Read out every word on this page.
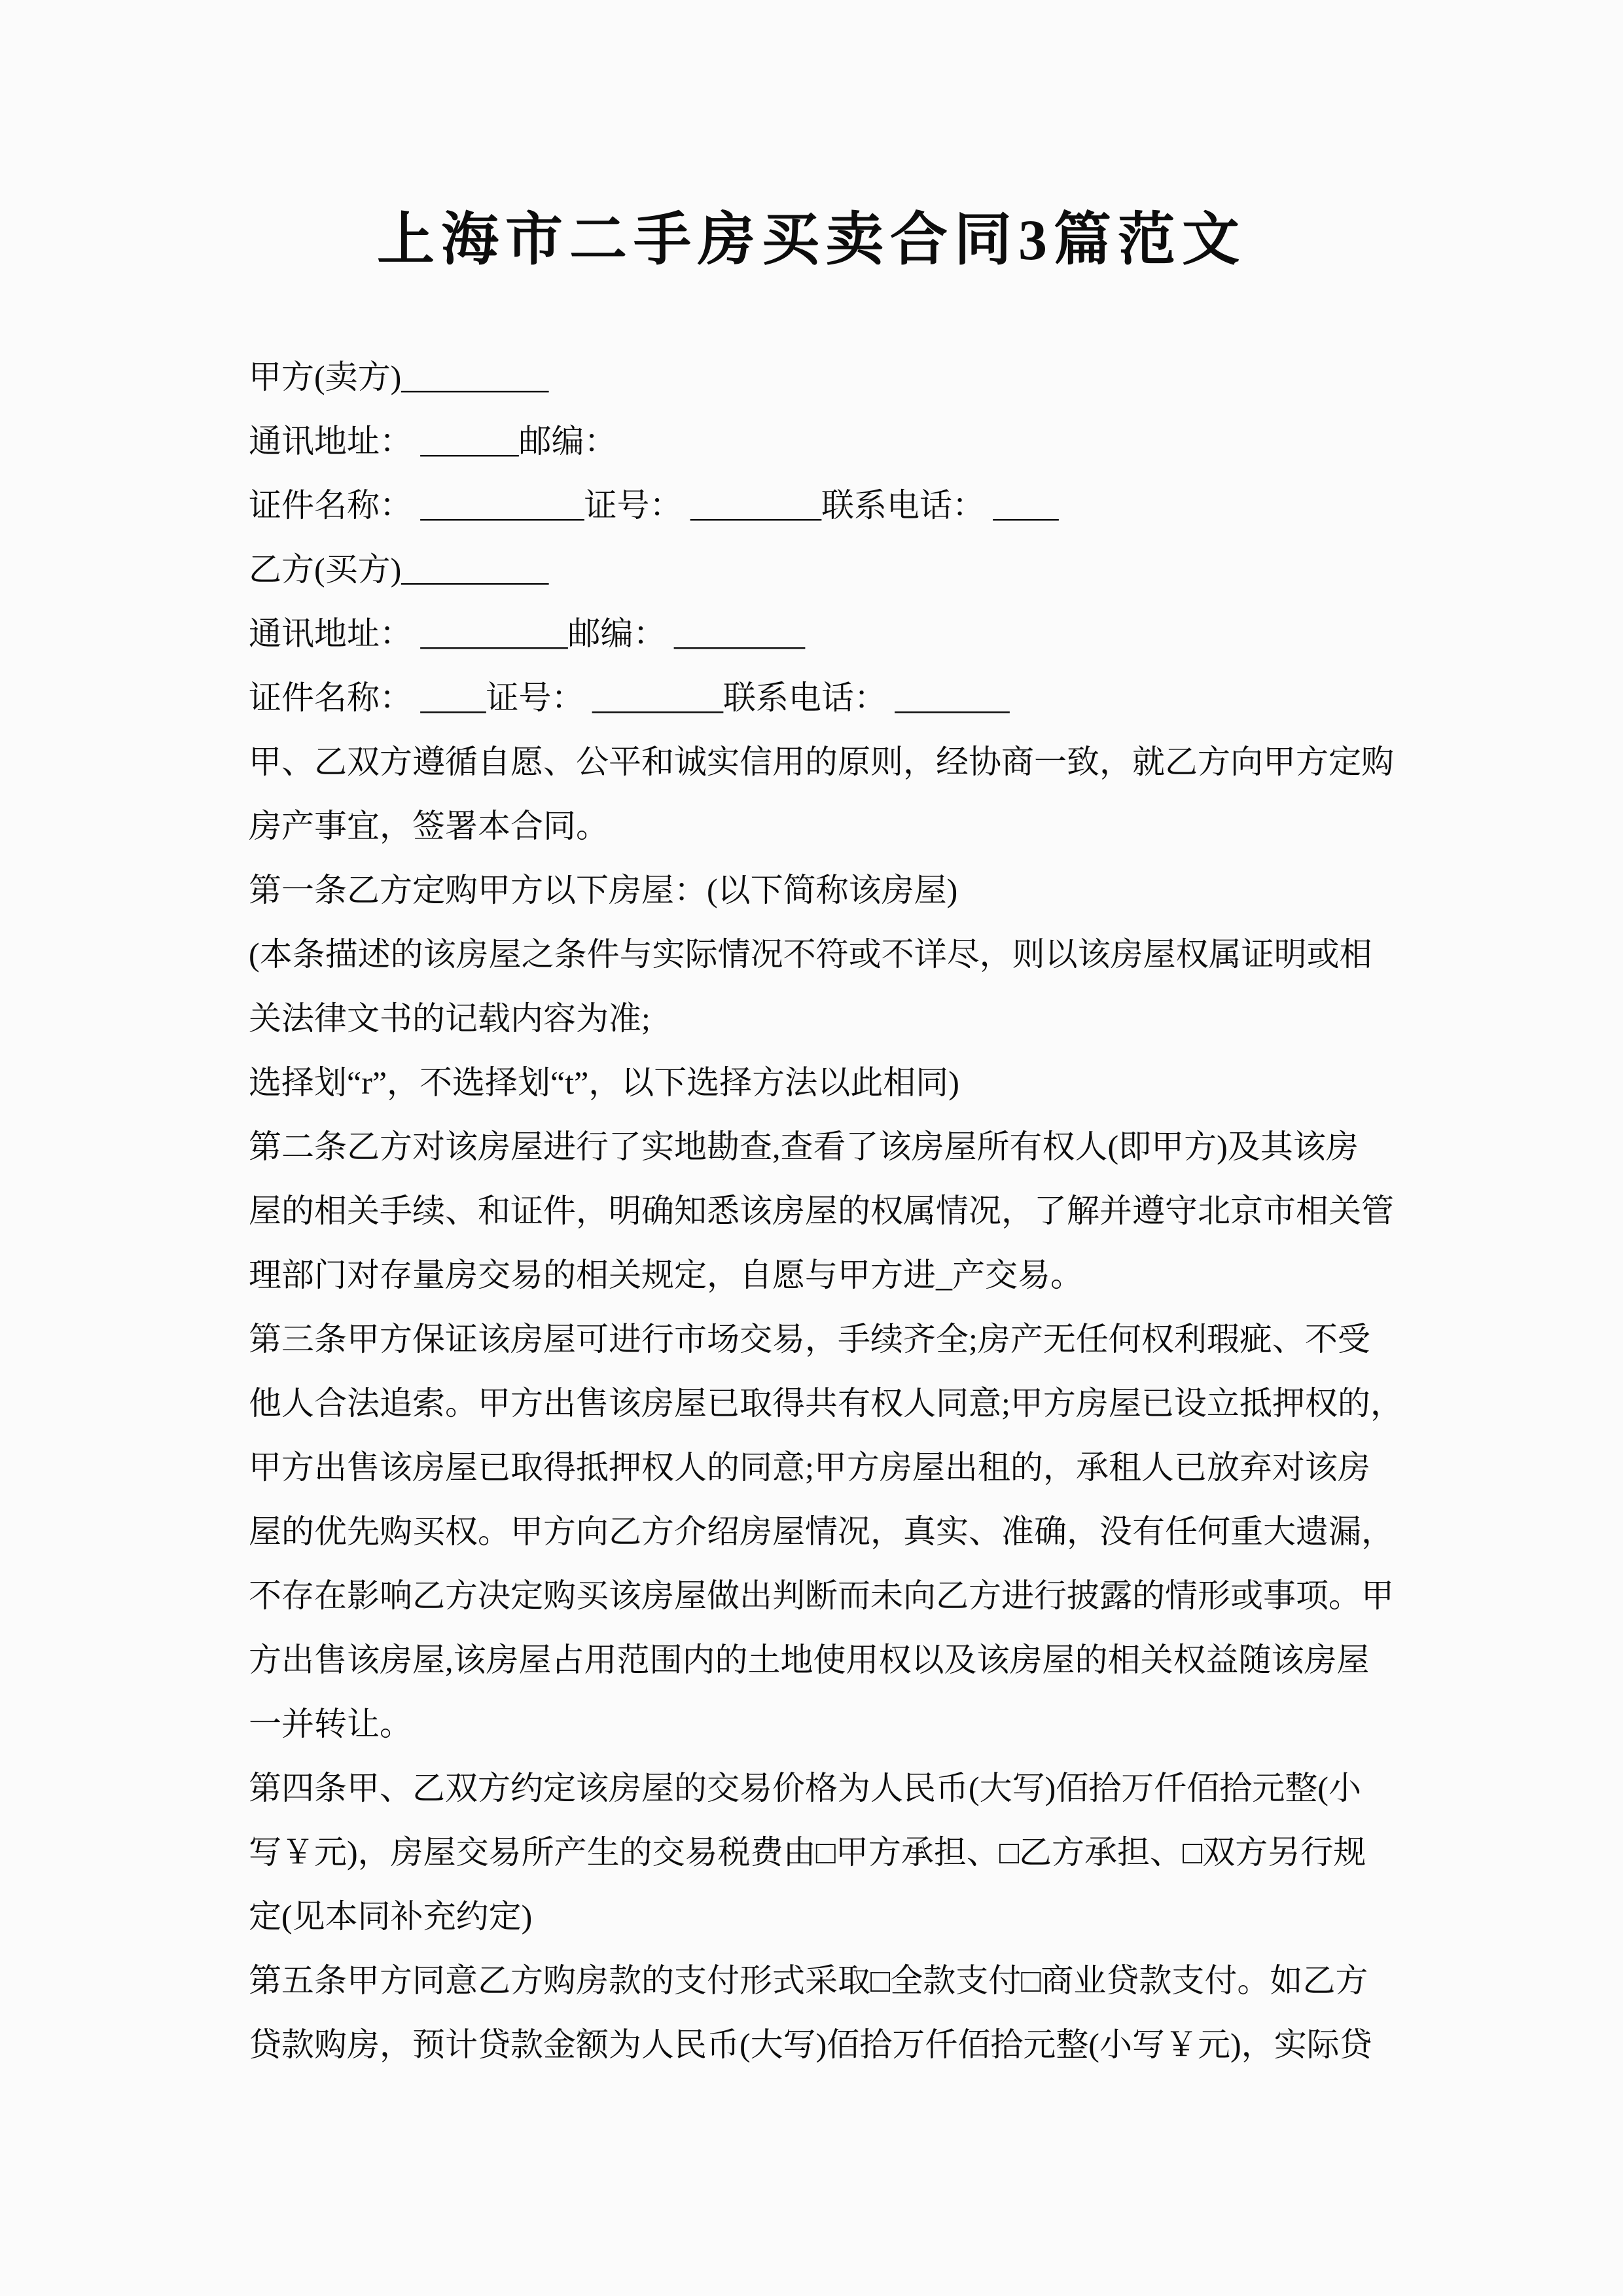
上海市二手房买卖合同3篇范文
甲方(卖方)_________
通讯地址： ______邮编：
证件名称： __________证号： ________联系电话： ____
乙方(买方)_________
通讯地址： _________邮编： ________
证件名称： ____证号： ________联系电话： _______
甲、乙双方遵循自愿、公平和诚实信用的原则，经协商一致，就乙方向甲方定购
房产事宜，签署本合同。
第一条乙方定购甲方以下房屋：(以下简称该房屋)
(本条描述的该房屋之条件与实际情况不符或不详尽，则以该房屋权属证明或相
关法律文书的记载内容为准;
选择划“r”，不选择划“t”，以下选择方法以此相同)
第二条乙方对该房屋进行了实地勘查,查看了该房屋所有权人(即甲方)及其该房
屋的相关手续、和证件，明确知悉该房屋的权属情况，了解并遵守北京市相关管
理部门对存量房交易的相关规定，自愿与甲方进_产交易。
第三条甲方保证该房屋可进行市场交易，手续齐全;房产无任何权利瑕疵、不受
他人合法追索。甲方出售该房屋已取得共有权人同意;甲方房屋已设立抵押权的，
甲方出售该房屋已取得抵押权人的同意;甲方房屋出租的，承租人已放弃对该房
屋的优先购买权。甲方向乙方介绍房屋情况，真实、准确，没有任何重大遗漏，
不存在影响乙方决定购买该房屋做出判断而未向乙方进行披露的情形或事项。甲
方出售该房屋,该房屋占用范围内的土地使用权以及该房屋的相关权益随该房屋
一并转让。
第四条甲、乙双方约定该房屋的交易价格为人民币(大写)佰拾万仟佰拾元整(小
写￥元)，房屋交易所产生的交易税费由□甲方承担、□乙方承担、□双方另行规
定(见本同补充约定)
第五条甲方同意乙方购房款的支付形式采取□全款支付□商业贷款支付。如乙方
贷款购房，预计贷款金额为人民币(大写)佰拾万仟佰拾元整(小写￥元)，实际贷
